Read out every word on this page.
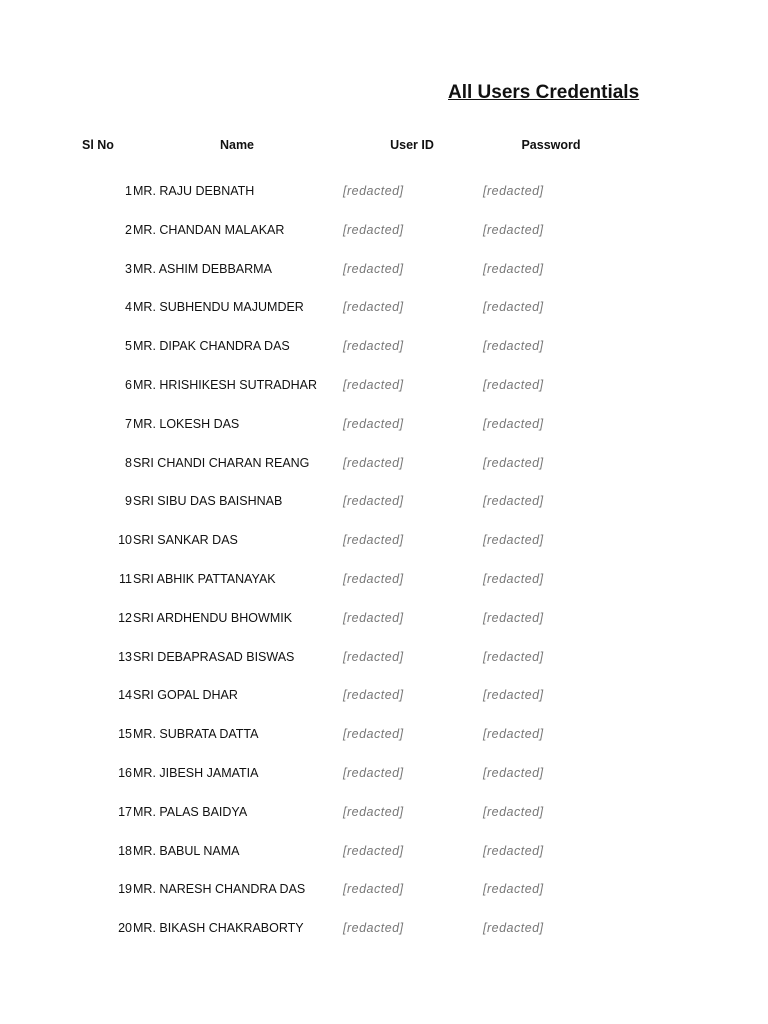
All Users Credentials
Sl No	Name	User ID	Password
1 MR. RAJU DEBNATH	[redacted]	[redacted]
2 MR. CHANDAN MALAKAR	[redacted]	[redacted]
3 MR. ASHIM DEBBARMA	[redacted]	[redacted]
4 MR. SUBHENDU MAJUMDER	[redacted]	[redacted]
5 MR. DIPAK CHANDRA DAS	[redacted]	[redacted]
6 MR. HRISHIKESH SUTRADHAR [redacted]	[redacted]
7 MR. LOKESH DAS	[redacted]	[redacted]
8 SRI CHANDI CHARAN REANG	[redacted]	[redacted]
9 SRI SIBU DAS BAISHNAB	[redacted]	[redacted]
10 SRI SANKAR DAS	[redacted]	[redacted]
11 SRI ABHIK PATTANAYAK	[redacted]	[redacted]
12 SRI ARDHENDU BHOWMIK	[redacted]	[redacted]
13 SRI DEBAPRASAD BISWAS	[redacted]	[redacted]
14 SRI GOPAL DHAR	[redacted]	[redacted]
15 MR. SUBRATA DATTA	[redacted]	[redacted]
16 MR. JIBESH JAMATIA	[redacted]	[redacted]
17 MR. PALAS BAIDYA	[redacted]	[redacted]
18 MR. BABUL NAMA	[redacted]	[redacted]
19 MR. NARESH CHANDRA DAS	[redacted]	[redacted]
20 MR. BIKASH CHAKRABORTY	[redacted]	[redacted]
